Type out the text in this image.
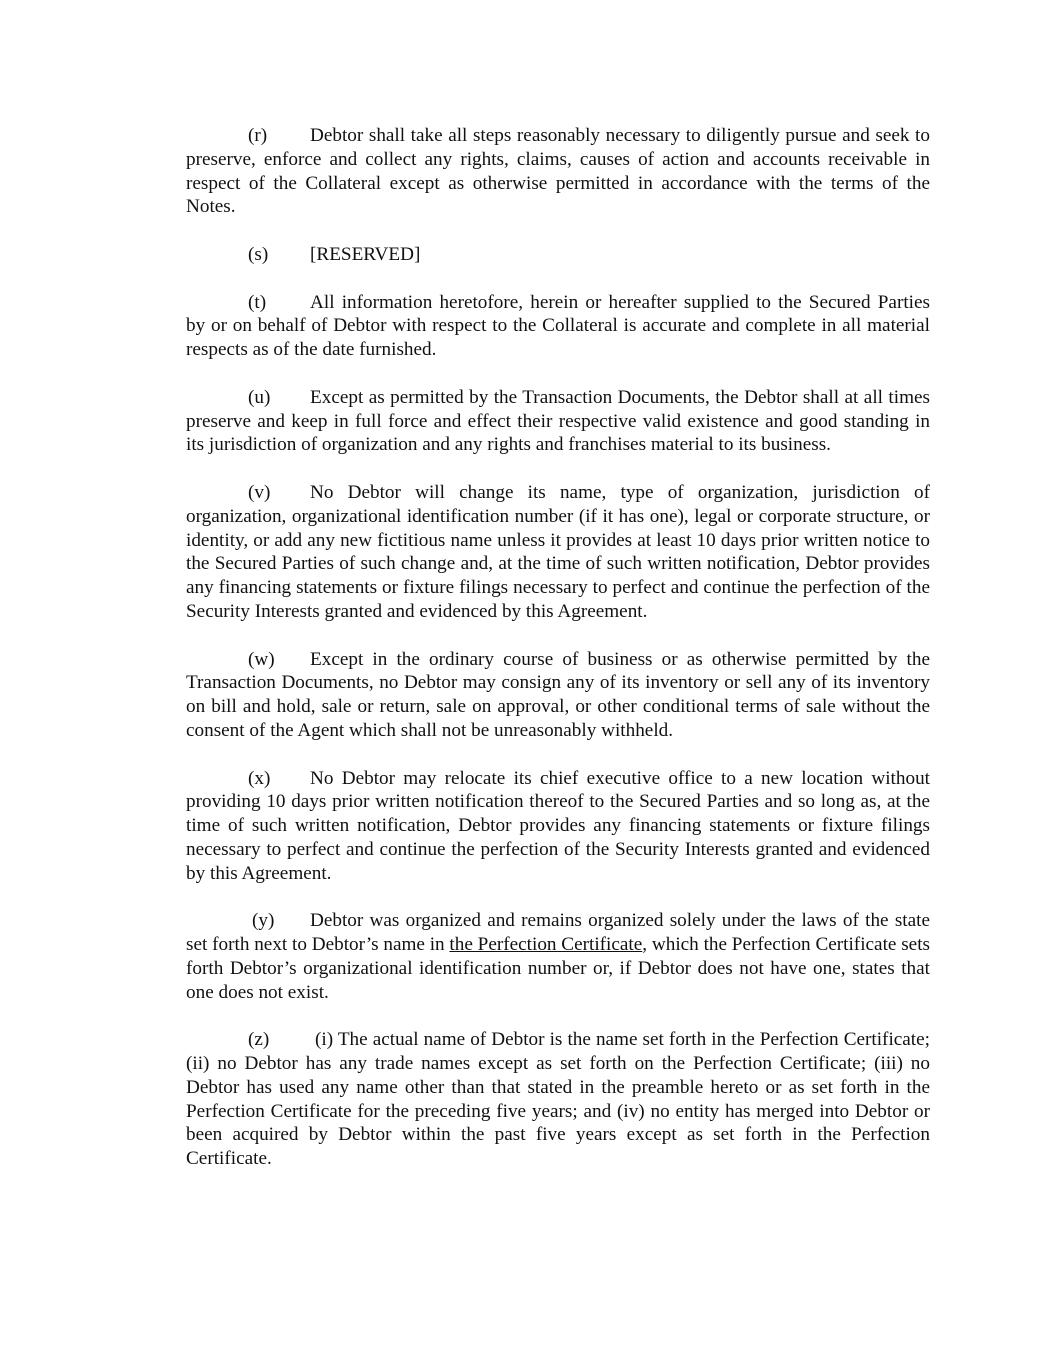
(r) Debtor shall take all steps reasonably necessary to diligently pursue and seek to preserve, enforce and collect any rights, claims, causes of action and accounts receivable in respect of the Collateral except as otherwise permitted in accordance with the terms of the Notes.

(s) [RESERVED]

(t) All information heretofore, herein or hereafter supplied to the Secured Parties by or on behalf of Debtor with respect to the Collateral is accurate and complete in all material respects as of the date furnished.

(u) Except as permitted by the Transaction Documents, the Debtor shall at all times preserve and keep in full force and effect their respective valid existence and good standing in its jurisdiction of organization and any rights and franchises material to its business.

(v) No Debtor will change its name, type of organization, jurisdiction of organization, organizational identification number (if it has one), legal or corporate structure, or identity, or add any new fictitious name unless it provides at least 10 days prior written notice to the Secured Parties of such change and, at the time of such written notification, Debtor provides any financing statements or fixture filings necessary to perfect and continue the perfection of the Security Interests granted and evidenced by this Agreement.

(w) Except in the ordinary course of business or as otherwise permitted by the Transaction Documents, no Debtor may consign any of its inventory or sell any of its inventory on bill and hold, sale or return, sale on approval, or other conditional terms of sale without the consent of the Agent which shall not be unreasonably withheld.

(x) No Debtor may relocate its chief executive office to a new location without providing 10 days prior written notification thereof to the Secured Parties and so long as, at the time of such written notification, Debtor provides any financing statements or fixture filings necessary to perfect and continue the perfection of the Security Interests granted and evidenced by this Agreement.

(y) Debtor was organized and remains organized solely under the laws of the state set forth next to Debtor’s name in the Perfection Certificate, which the Perfection Certificate sets forth Debtor’s organizational identification number or, if Debtor does not have one, states that one does not exist.

(z) (i) The actual name of Debtor is the name set forth in the Perfection Certificate; (ii) no Debtor has any trade names except as set forth on the Perfection Certificate; (iii) no Debtor has used any name other than that stated in the preamble hereto or as set forth in the Perfection Certificate for the preceding five years; and (iv) no entity has merged into Debtor or been acquired by Debtor within the past five years except as set forth in the Perfection Certificate.
